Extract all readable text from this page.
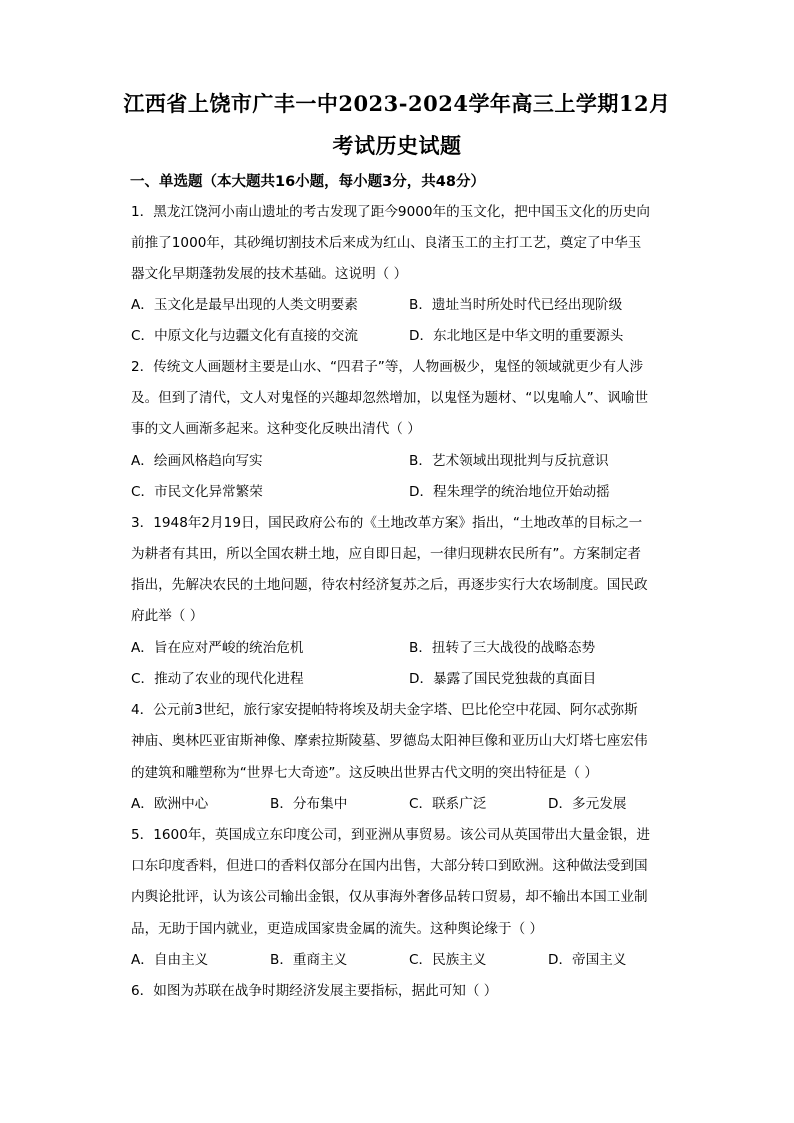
江西省上饶市广丰一中2023-2024学年高三上学期12月
考试历史试题
一、单选题（本大题共16小题，每小题3分，共48分）
1．黑龙江饶河小南山遗址的考古发现了距今9000年的玉文化，把中国玉文化的历史向
前推了1000年，其砂绳切割技术后来成为红山、良渚玉工的主打工艺，奠定了中华玉
器文化早期蓬勃发展的技术基础。这说明（ ）
A．玉文化是最早出现的人类文明要素	B．遗址当时所处时代已经出现阶级
C．中原文化与边疆文化有直接的交流	D．东北地区是中华文明的重要源头
2．传统文人画题材主要是山水、“四君子”等，人物画极少，鬼怪的领域就更少有人涉
及。但到了清代，文人对鬼怪的兴趣却忽然增加，以鬼怪为题材、“以鬼喻人”、讽喻世
事的文人画渐多起来。这种变化反映出清代（ ）
A．绘画风格趋向写实	B．艺术领域出现批判与反抗意识
C．市民文化异常繁荣	D．程朱理学的统治地位开始动摇
3．1948年2月19日，国民政府公布的《土地改革方案》指出，“土地改革的目标之一
为耕者有其田，所以全国农耕土地，应自即日起，一律归现耕农民所有”。方案制定者
指出，先解决农民的土地问题，待农村经济复苏之后，再逐步实行大农场制度。国民政
府此举（ ）
A．旨在应对严峻的统治危机	B．扭转了三大战役的战略态势
C．推动了农业的现代化进程	D．暴露了国民党独裁的真面目
4．公元前3世纪，旅行家安提帕特将埃及胡夫金字塔、巴比伦空中花园、阿尔忒弥斯
神庙、奥林匹亚宙斯神像、摩索拉斯陵墓、罗德岛太阳神巨像和亚历山大灯塔七座宏伟
的建筑和雕塑称为“世界七大奇迹”。这反映出世界古代文明的突出特征是（ ）
A．欧洲中心	B．分布集中	C．联系广泛	D．多元发展
5．1600年，英国成立东印度公司，到亚洲从事贸易。该公司从英国带出大量金银，进
口东印度香料，但进口的香料仅部分在国内出售，大部分转口到欧洲。这种做法受到国
内舆论批评，认为该公司输出金银，仅从事海外奢侈品转口贸易，却不输出本国工业制
品，无助于国内就业，更造成国家贵金属的流失。这种舆论缘于（ ）
A．自由主义	B．重商主义	C．民族主义	D．帝国主义
6．如图为苏联在战争时期经济发展主要指标，据此可知（ ）
